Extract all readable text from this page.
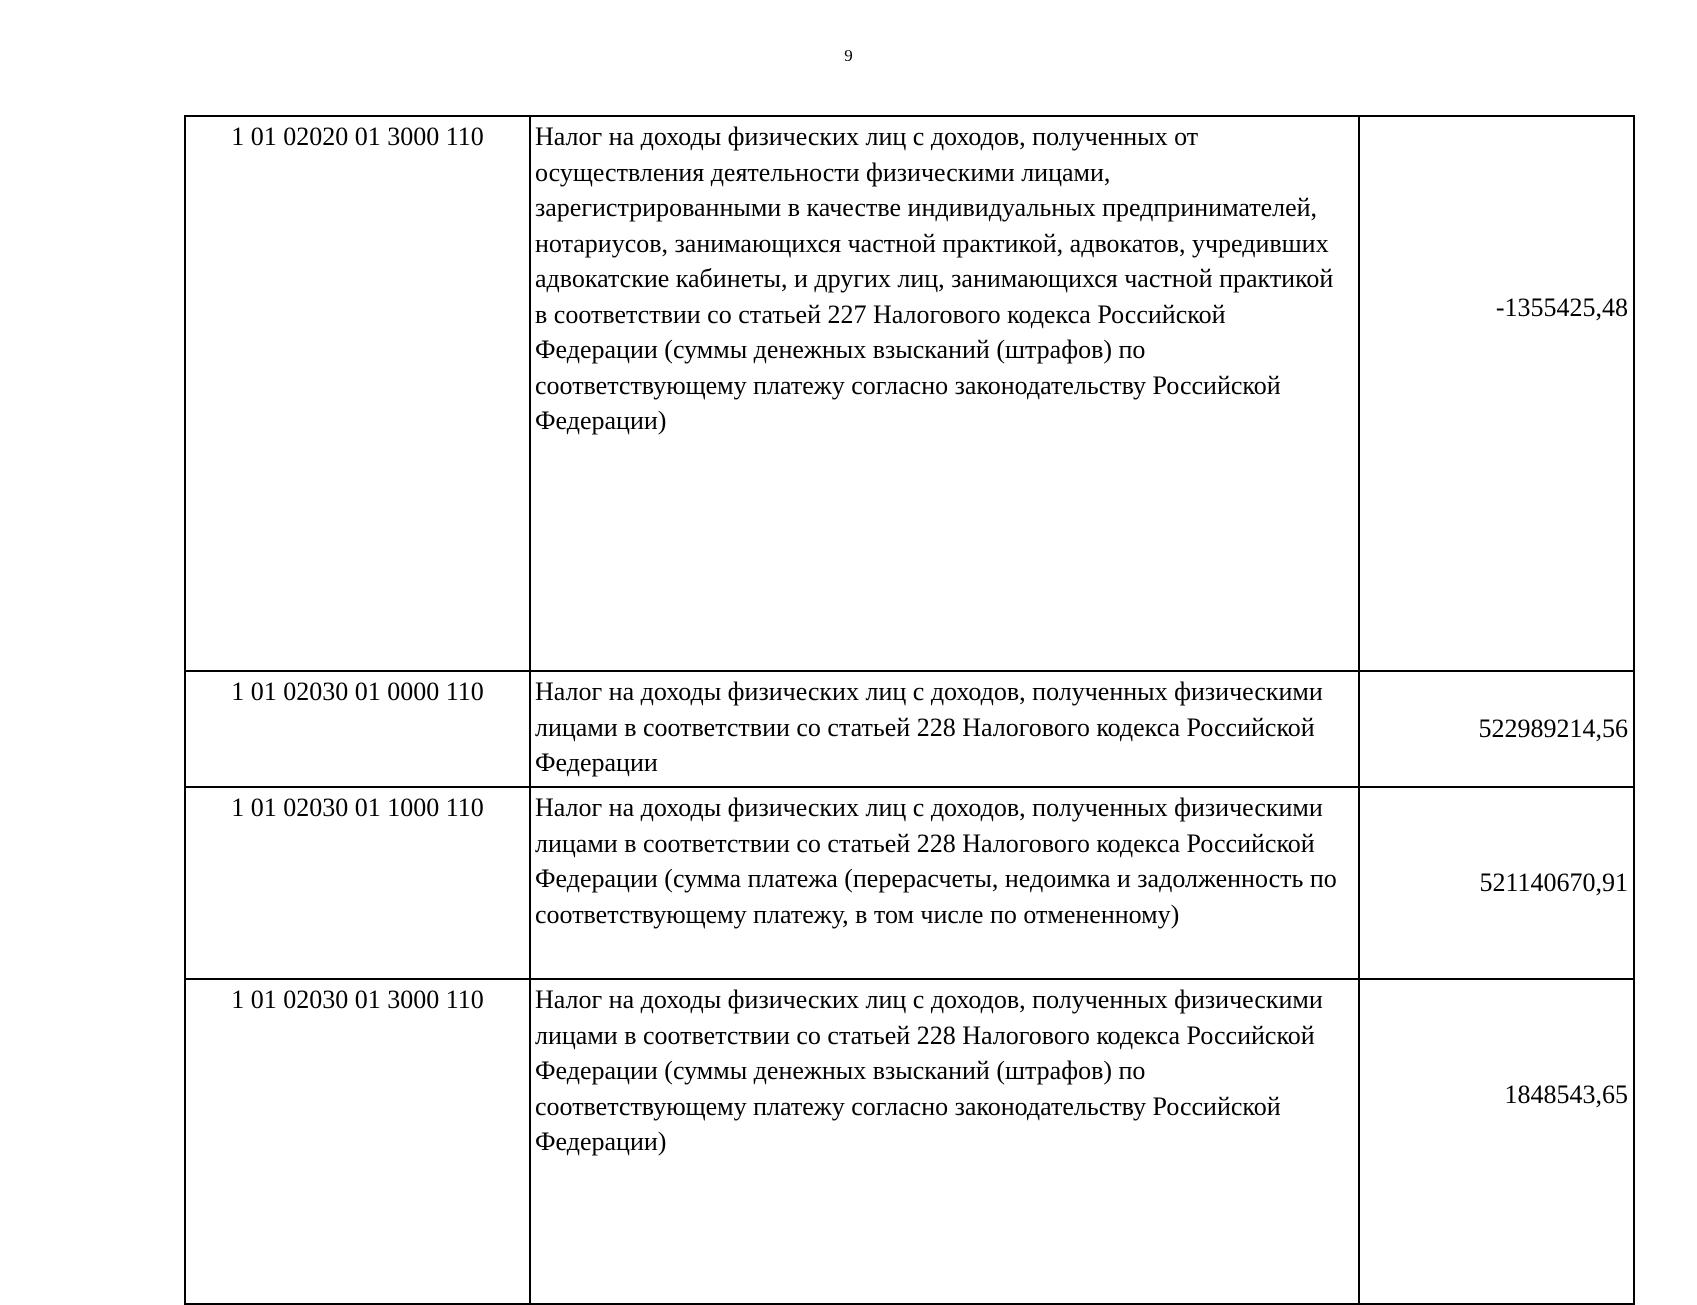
9
1 01 02020 01 3000 110	Налог на доходы физических лиц с доходов, полученных от осуществления деятельности физическими лицами, зарегистрированными в качестве индивидуальных предпринимателей, нотариусов, занимающихся частной практикой, адвокатов, учредивших адвокатские кабинеты, и других лиц, занимающихся частной практикой в соответствии со статьей 227 Налогового кодекса Российской Федерации (суммы денежных взысканий (штрафов) по соответствующему платежу согласно законодательству Российской Федерации)	-1355425,48
1 01 02030 01 0000 110	Налог на доходы физических лиц с доходов, полученных физическими лицами в соответствии со статьей 228 Налогового кодекса Российской Федерации	522989214,56
1 01 02030 01 1000 110	Налог на доходы физических лиц с доходов, полученных физическими лицами в соответствии со статьей 228 Налогового кодекса Российской Федерации (сумма платежа (перерасчеты, недоимка и задолженность по соответствующему платежу, в том числе по отмененному)	521140670,91
1 01 02030 01 3000 110	Налог на доходы физических лиц с доходов, полученных физическими лицами в соответствии со статьей 228 Налогового кодекса Российской Федерации (суммы денежных взысканий (штрафов) по соответствующему платежу согласно законодательству Российской Федерации)	1848543,65
